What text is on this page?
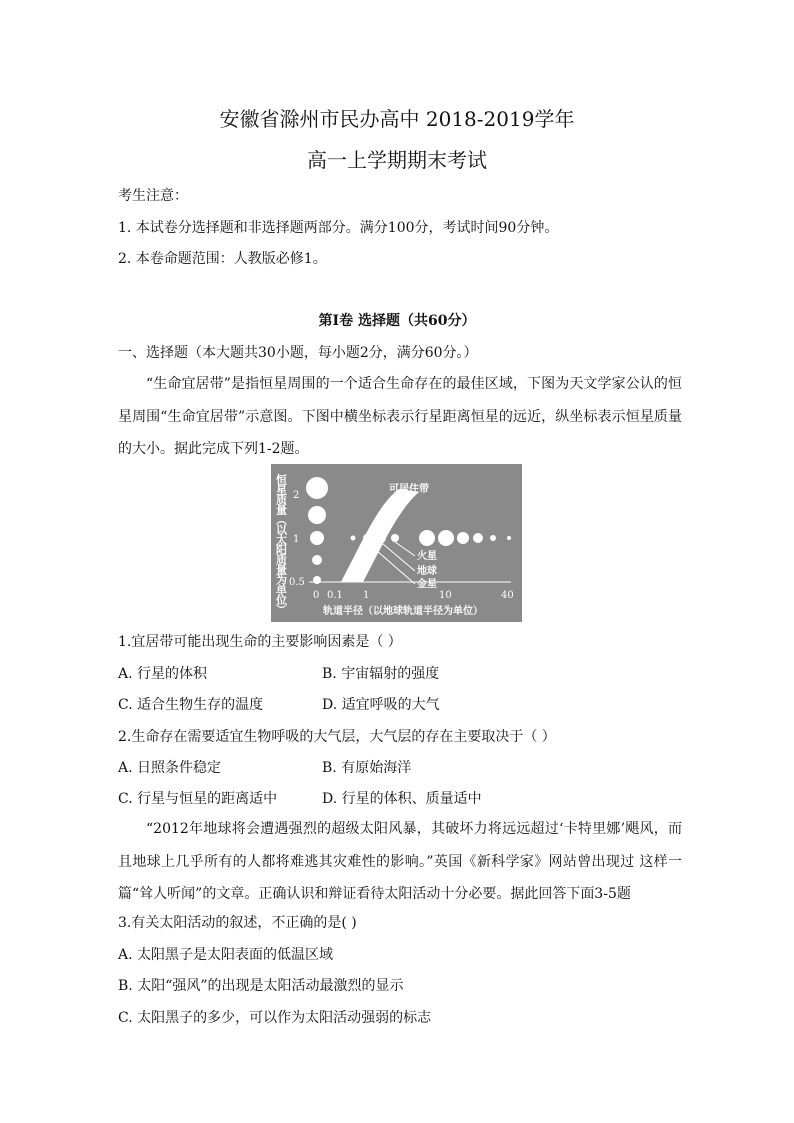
安徽省滁州市民办高中 2018-2019学年
高一上学期期末考试
考生注意：
1. 本试卷分选择题和非选择题两部分。满分100分，考试时间90分钟。
2. 本卷命题范围：人教版必修1。
第Ⅰ卷 选择题（共60分）
一、选择题（本大题共30小题，每小题2分，满分60分。）
“生命宜居带”是指恒星周围的一个适合生命存在的最佳区域，下图为天文学家公认的恒星周围“生命宜居带”示意图。下图中横坐标表示行星距离恒星的远近，纵坐标表示恒星质量的大小。据此完成下列1-2题。
恒星质量（以太阳质量为单位） 2
1
0.5
0 0.1 1	10	40
轨道半径（以地球轨道半径为单位）
可居住带
火星
地球
金星
1.宜居带可能出现生命的主要影响因素是（ ）
A. 行星的体积	B. 宇宙辐射的强度
C. 适合生物生存的温度	D. 适宜呼吸的大气
2.生命存在需要适宜生物呼吸的大气层，大气层的存在主要取决于（ ）
A. 日照条件稳定	B. 有原始海洋
C. 行星与恒星的距离适中	D. 行星的体积、质量适中
“2012年地球将会遭遇强烈的超级太阳风暴，其破坏力将远远超过‘卡特里娜’飓风，而且地球上几乎所有的人都将难逃其灾难性的影响。”英国《新科学家》网站曾出现过 这样一篇“耸人听闻”的文章。正确认识和辩证看待太阳活动十分必要。据此回答下面3-5题
3.有关太阳活动的叙述，不正确的是( )
A. 太阳黑子是太阳表面的低温区域
B. 太阳“强风”的出现是太阳活动最激烈的显示
C. 太阳黑子的多少，可以作为太阳活动强弱的标志
